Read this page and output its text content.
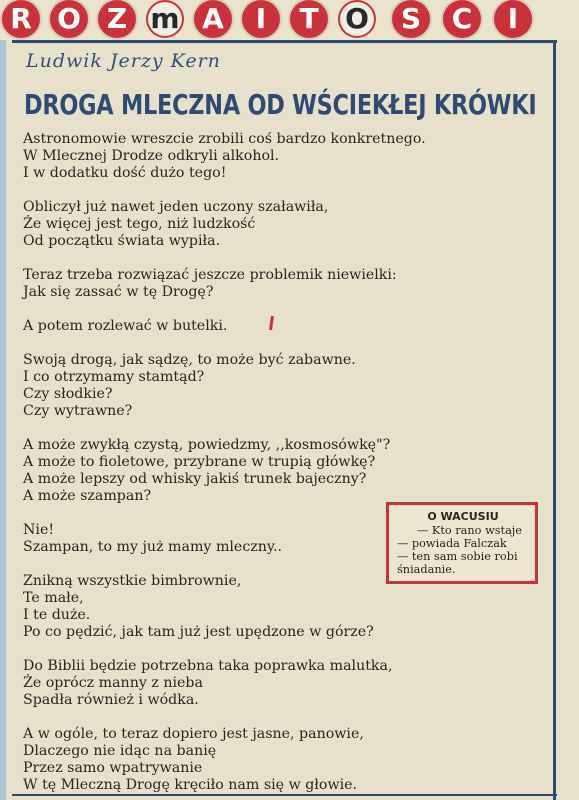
R O Z m A	I	T O	S	C	I
Ludwik Jerzy Kern
DROGA MLECZNA OD WŚCIEKŁEJ KRÓWKI
Astronomowie wreszcie zrobili coś bardzo konkretnego.
W Mlecznej Drodze odkryli alkohol.
I w dodatku dość dużo tego!
Obliczył już nawet jeden uczony szaławiła,
Że więcej jest tego, niż ludzkość
Od początku świata wypiła.
Teraz trzeba rozwiązać jeszcze problemik niewielki:
Jak się zassać w tę Drogę?
A potem rozlewać w butelki.
Swoją drogą, jak sądzę, to może być zabawne.
I co otrzymamy stamtąd?
Czy słodkie?
Czy wytrawne?
A może zwykłą czystą, powiedzmy, ,,kosmosówkę"?
A może to fioletowe, przybrane w trupią główkę?
A może lepszy od whisky jakiś trunek bajeczny?
A może szampan?
Nie!
Szampan, to my już mamy mleczny..
Znikną wszystkie bimbrownie,
Te małe,
I te duże.
Po co pędzić, jak tam już jest upędzone w górze?
Do Biblii będzie potrzebna taka poprawka malutka,
Że oprócz manny z nieba
Spadła również i wódka.
A w ogóle, to teraz dopiero jest jasne, panowie,
Dlaczego nie idąc na banię
Przez samo wpatrywanie
W tę Mleczną Drogę kręciło nam się w głowie.
O WACUSIU
— Kto rano wstaje
— powiada Falczak
— ten sam sobie robi
śniadanie.
